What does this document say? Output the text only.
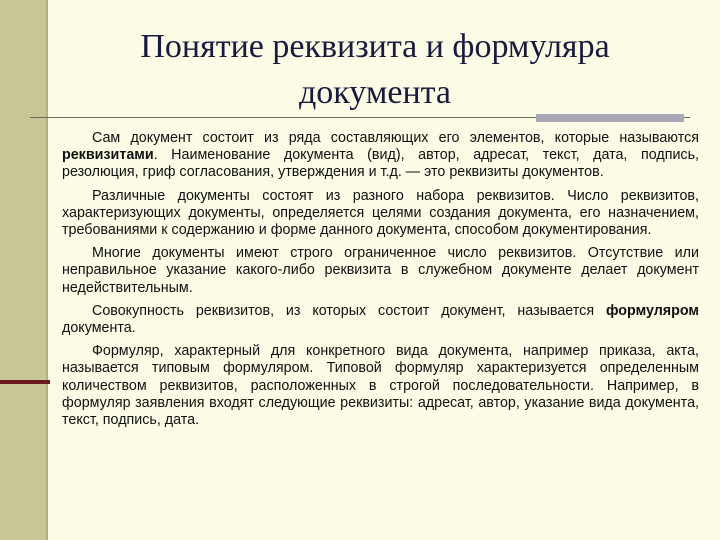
Понятие реквизита и формуляра
документа

Сам документ состоит из ряда составляющих его элементов, которые называются реквизитами. Наименование документа (вид), автор, адресат, текст, дата, подпись, резолюция, гриф согласования, утверждения и т.д. — это реквизиты документов.

Различные документы состоят из разного набора реквизитов. Число реквизитов, характеризующих документы, определяется целями создания документа, его назначением, требованиями к содержанию и форме данного документа, способом документирования.

Многие документы имеют строго ограниченное число реквизитов. Отсутствие или неправильное указание какого-либо реквизита в служебном документе делает документ недействительным.

Совокупность реквизитов, из которых состоит документ, называется формуляром документа.

Формуляр, характерный для конкретного вида документа, например приказа, акта, называется типовым формуляром. Типовой формуляр характеризуется определенным количеством реквизитов, расположенных в строгой последовательности. Например, в формуляр заявления входят следующие реквизиты: адресат, автор, указание вида документа, текст, подпись, дата.
